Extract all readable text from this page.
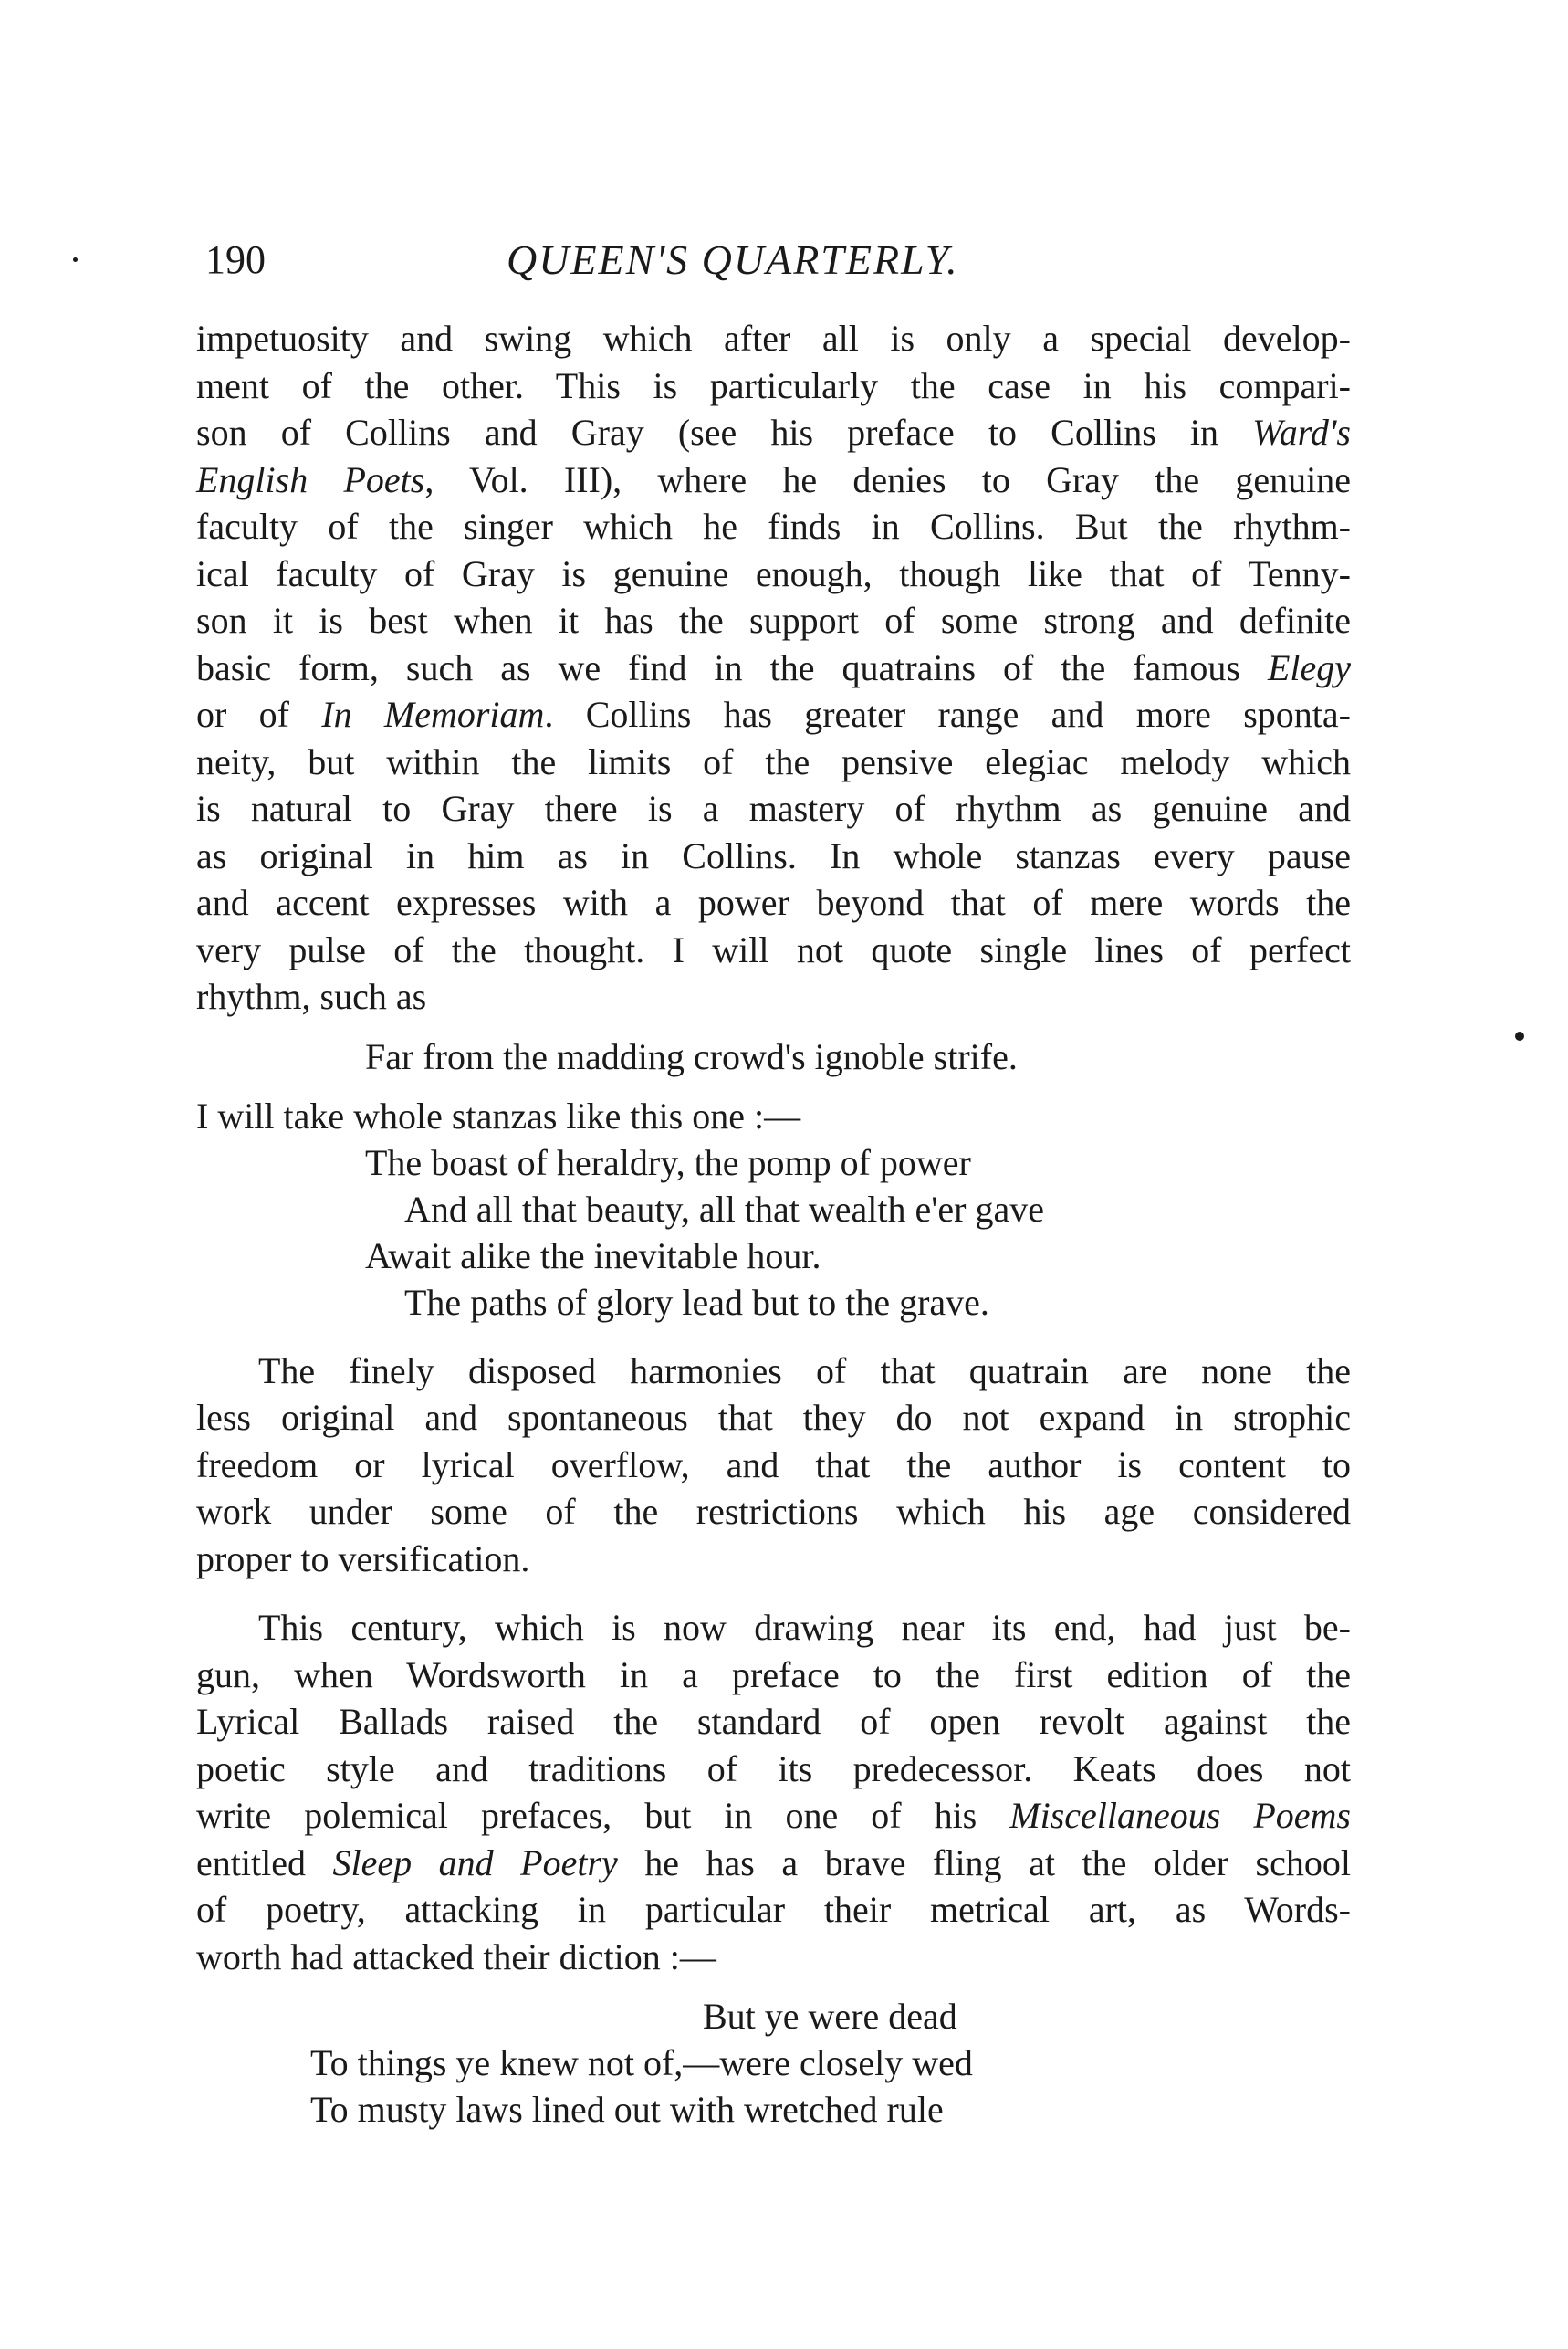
190	QUEEN'S QUARTERLY.
impetuosity and swing which after all is only a special develop-
ment of the other. This is particularly the case in his compari-
son of Collins and Gray (see his preface to Collins in Ward's
English Poets, Vol. III), where he denies to Gray the genuine
faculty of the singer which he finds in Collins. But the rhythm-
ical faculty of Gray is genuine enough, though like that of Tenny-
son it is best when it has the support of some strong and definite
basic form, such as we find in the quatrains of the famous Elegy
or of In Memoriam. Collins has greater range and more sponta-
neity, but within the limits of the pensive elegiac melody which
is natural to Gray there is a mastery of rhythm as genuine and
as original in him as in Collins. In whole stanzas every pause
and accent expresses with a power beyond that of mere words the
very pulse of the thought. I will not quote single lines of perfect
rhythm, such as
Far from the madding crowd's ignoble strife.
I will take whole stanzas like this one :—
The boast of heraldry, the pomp of power
And all that beauty, all that wealth e'er gave
Await alike the inevitable hour.
The paths of glory lead but to the grave.
The finely disposed harmonies of that quatrain are none the
less original and spontaneous that they do not expand in strophic
freedom or lyrical overflow, and that the author is content to
work under some of the restrictions which his age considered
proper to versification.
This century, which is now drawing near its end, had just be-
gun, when Wordsworth in a preface to the first edition of the
Lyrical Ballads raised the standard of open revolt against the
poetic style and traditions of its predecessor. Keats does not
write polemical prefaces, but in one of his Miscellaneous Poems
entitled Sleep and Poetry he has a brave fling at the older school
of poetry, attacking in particular their metrical art, as Words-
worth had attacked their diction :—
But ye were dead
To things ye knew not of,—were closely wed
To musty laws lined out with wretched rule
